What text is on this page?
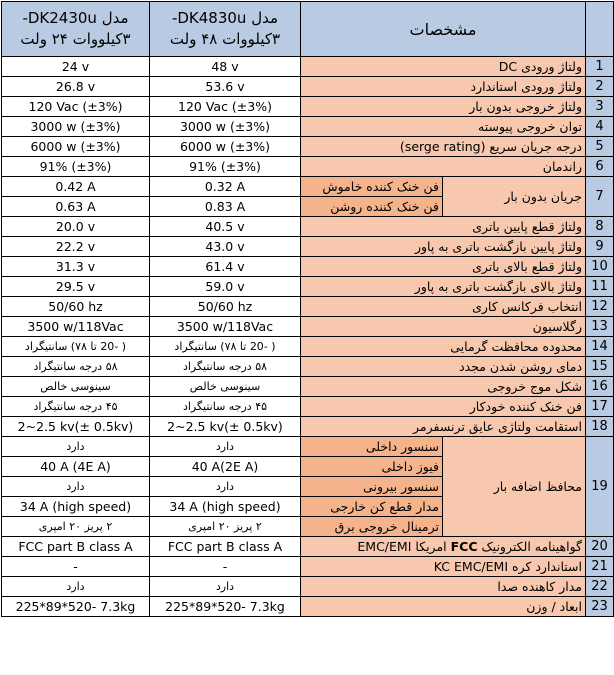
مدل DK2430u-
۳کیلووات ۲۴ ولت	مدل DK4830u-
۳کیلووات ۴۸ ولت	مشخصات		
24 v	48 v	ولتاژ ورودی DC		1
26.8 v	53.6 v	ولتاژ ورودی استاندارد		2
120 Vac (±3%)	120 Vac (±3%)	ولتاژ خروجی بدون بار		3
3000 w (±3%)	3000 w (±3%)	توان خروجی پیوسته		4
6000 w (±3%)	6000 w (±3%)	درجه جریان سریع (serge rating)		5
91% (±3%)	91% (±3%)	راندمان		6
0.42 A	0.32 A	فن خنک کننده خاموش	جریان بدون بار	7
0.63 A	0.83 A	فن خنک کننده روشن		
20.0 v	40.5 v	ولتاژ قطع پایین باتری		8
22.2 v	43.0 v	ولتاژ پایین بازگشت باتری به پاور		9
31.3 v	61.4 v	ولتاژ قطع بالای باتری		10
29.5 v	59.0 v	ولتاژ بالای بازگشت باتری به پاور		11
50/60 hz	50/60 hz	انتخاب فرکانس کاری		12
3500 w/118Vac	3500 w/118Vac	رگلاسیون		13
( -20 تا ۷۸) سانتیگراد	( -20 تا ۷۸) سانتیگراد	محدوده محافظت گرمایی		14
۵۸ درجه سانتیگراد	۵۸ درجه سانتیگراد	دمای روشن شدن مجدد		15
سینوسی خالص	سینوسی خالص	شکل موج خروجی		16
۴۵ درجه سانتیگراد	۴۵ درجه سانتیگراد	فن خنک کننده خودکار		17
2~2.5 kv(± 0.5kv)	2~2.5 kv(± 0.5kv)	استقامت ولتاژی عایق ترنسفرمر		18
دارد	دارد	سنسور داخلی	محافظ اضافه بار	19
40 A (4E A)	40 A(2E A)	فیوز داخلی		
دارد	دارد	سنسور بیرونی		
34 A (high speed)	34 A (high speed)	مدار قطع کن خارجی		
۲ پریز ۲۰ امپری	۲ پریز ۲۰ امپری	ترمینال خروجی برق		
FCC part B class A	FCC part B class A	گواهینامه الکترونیک FCC امریکا EMC/EMI		20
-	-	استاندارد کره KC EMC/EMI		21
دارد	دارد	مدار کاهنده صدا		22
225*89*520- 7.3kg	225*89*520- 7.3kg	ابعاد / وزن		23
